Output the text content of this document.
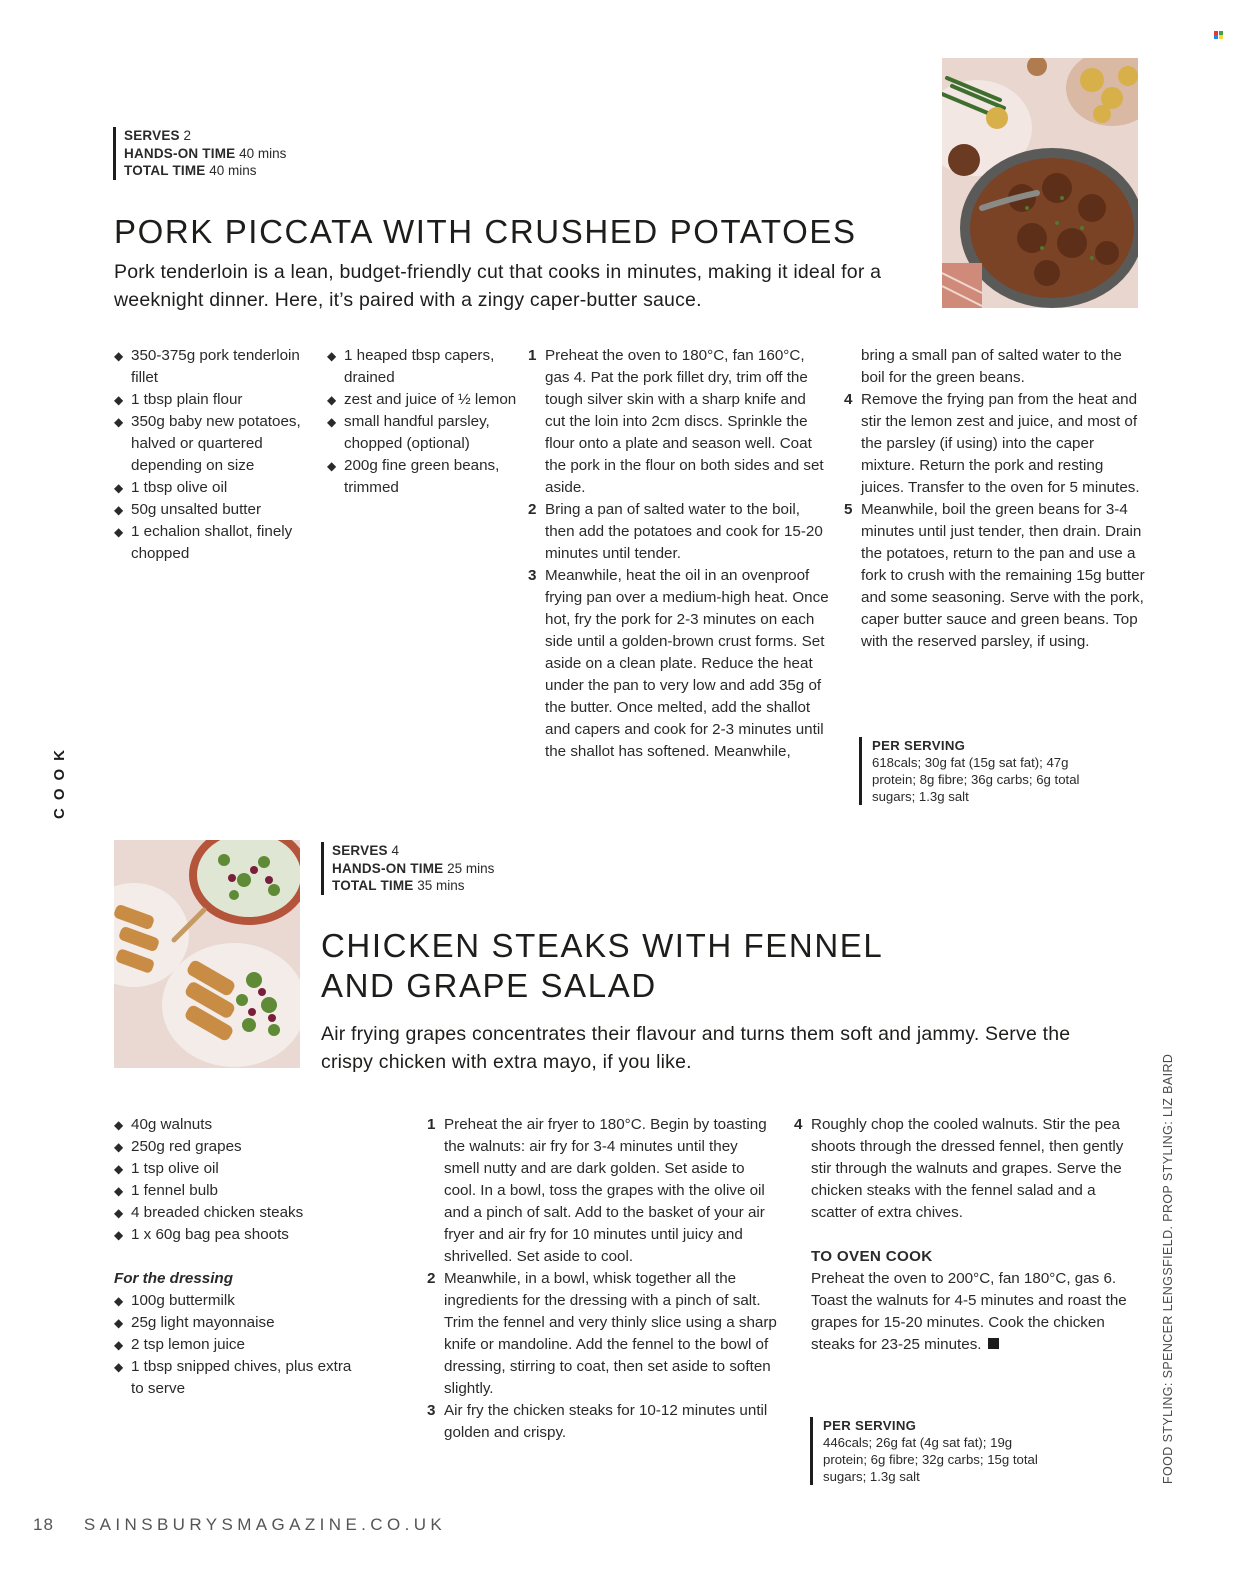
SERVES 2
HANDS-ON TIME 40 mins
TOTAL TIME 40 mins
PORK PICCATA WITH CRUSHED POTATOES
Pork tenderloin is a lean, budget-friendly cut that cooks in minutes, making it ideal for a weeknight dinner. Here, it’s paired with a zingy caper-butter sauce.
◆ 350-375g pork tenderloin fillet
◆ 1 tbsp plain flour
◆ 350g baby new potatoes, halved or quartered depending on size
◆ 1 tbsp olive oil
◆ 50g unsalted butter
◆ 1 echalion shallot, finely chopped
◆ 1 heaped tbsp capers, drained
◆ zest and juice of ½ lemon
◆ small handful parsley, chopped (optional)
◆ 200g fine green beans, trimmed
1 Preheat the oven to 180°C, fan 160°C, gas 4. Pat the pork fillet dry, trim off the tough silver skin with a sharp knife and cut the loin into 2cm discs. Sprinkle the flour onto a plate and season well. Coat the pork in the flour on both sides and set aside.
2 Bring a pan of salted water to the boil, then add the potatoes and cook for 15-20 minutes until tender.
3 Meanwhile, heat the oil in an ovenproof frying pan over a medium-high heat. Once hot, fry the pork for 2-3 minutes on each side until a golden-brown crust forms. Set aside on a clean plate. Reduce the heat under the pan to very low and add 35g of the butter. Once melted, add the shallot and capers and cook for 2-3 minutes until the shallot has softened. Meanwhile,
bring a small pan of salted water to the boil for the green beans.
4 Remove the frying pan from the heat and stir the lemon zest and juice, and most of the parsley (if using) into the caper mixture. Return the pork and resting juices. Transfer to the oven for 5 minutes.
5 Meanwhile, boil the green beans for 3-4 minutes until just tender, then drain. Drain the potatoes, return to the pan and use a fork to crush with the remaining 15g butter and some seasoning. Serve with the pork, caper butter sauce and green beans. Top with the reserved parsley, if using.
PER SERVING
618cals; 30g fat (15g sat fat); 47g protein; 8g fibre; 36g carbs; 6g total sugars; 1.3g salt
COOK
SERVES 4
HANDS-ON TIME 25 mins
TOTAL TIME 35 mins
CHICKEN STEAKS WITH FENNEL
AND GRAPE SALAD
Air frying grapes concentrates their flavour and turns them soft and jammy. Serve the crispy chicken with extra mayo, if you like.
◆ 40g walnuts
◆ 250g red grapes
◆ 1 tsp olive oil
◆ 1 fennel bulb
◆ 4 breaded chicken steaks
◆ 1 x 60g bag pea shoots
For the dressing
◆ 100g buttermilk
◆ 25g light mayonnaise
◆ 2 tsp lemon juice
◆ 1 tbsp snipped chives, plus extra to serve
1 Preheat the air fryer to 180°C. Begin by toasting the walnuts: air fry for 3-4 minutes until they smell nutty and are dark golden. Set aside to cool. In a bowl, toss the grapes with the olive oil and a pinch of salt. Add to the basket of your air fryer and air fry for 10 minutes until juicy and shrivelled. Set aside to cool.
2 Meanwhile, in a bowl, whisk together all the ingredients for the dressing with a pinch of salt. Trim the fennel and very thinly slice using a sharp knife or mandoline. Add the fennel to the bowl of dressing, stirring to coat, then set aside to soften slightly.
3 Air fry the chicken steaks for 10-12 minutes until golden and crispy.
4 Roughly chop the cooled walnuts. Stir the pea shoots through the dressed fennel, then gently stir through the walnuts and grapes. Serve the chicken steaks with the fennel salad and a scatter of extra chives.
TO OVEN COOK
Preheat the oven to 200°C, fan 180°C, gas 6. Toast the walnuts for 4-5 minutes and roast the grapes for 15-20 minutes. Cook the chicken steaks for 23-25 minutes.
PER SERVING
446cals; 26g fat (4g sat fat); 19g protein; 6g fibre; 32g carbs; 15g total sugars; 1.3g salt	FOOD STYLING: SPENCER LENGSFIELD. PROP STYLING: LIZ BAIRD
18 SAINSBURYSMAGAZINE.CO.UK
